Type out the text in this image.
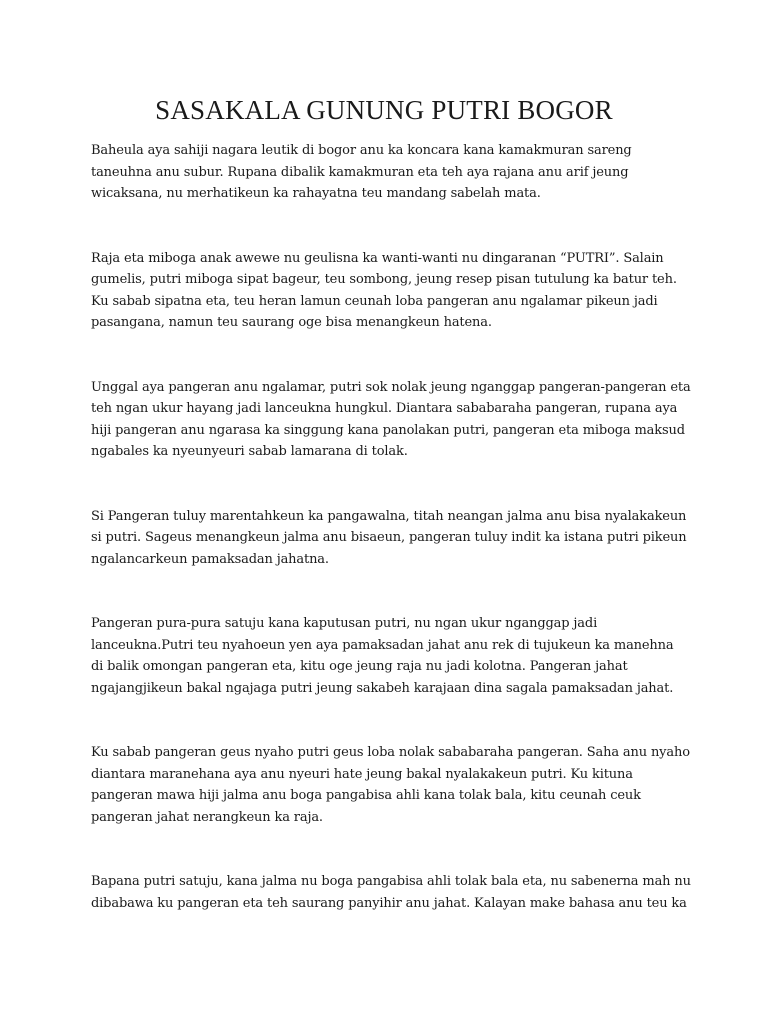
SASAKALA GUNUNG PUTRI BOGOR

Baheula aya sahiji nagara leutik di bogor anu ka koncara kana kamakmuran sareng
taneuhna anu subur. Rupana dibalik kamakmuran eta teh aya rajana anu arif jeung
wicaksana, nu merhatikeun ka rahayatna teu mandang sabelah mata.

Raja eta miboga anak awewe nu geulisna ka wanti-wanti nu dingaranan “PUTRI”. Salain
gumelis, putri miboga sipat bageur, teu sombong, jeung resep pisan tutulung ka batur teh.
Ku sabab sipatna eta, teu heran lamun ceunah loba pangeran anu ngalamar pikeun jadi
pasangana, namun teu saurang oge bisa menangkeun hatena.

Unggal aya pangeran anu ngalamar, putri sok nolak jeung nganggap pangeran-pangeran eta
teh ngan ukur hayang jadi lanceukna hungkul. Diantara sababaraha pangeran, rupana aya
hiji pangeran anu ngarasa ka singgung kana panolakan putri, pangeran eta miboga maksud
ngabales ka nyeunyeuri sabab lamarana di tolak.

Si Pangeran tuluy marentahkeun ka pangawalna, titah neangan jalma anu bisa nyalakakeun
si putri. Sageus menangkeun jalma anu bisaeun, pangeran tuluy indit ka istana putri pikeun
ngalancarkeun pamaksadan jahatna.

Pangeran pura-pura satuju kana kaputusan putri, nu ngan ukur nganggap jadi
lanceukna.Putri teu nyahoeun yen aya pamaksadan jahat anu rek di tujukeun ka manehna
di balik omongan pangeran eta, kitu oge jeung raja nu jadi kolotna. Pangeran jahat
ngajangjikeun bakal ngajaga putri jeung sakabeh karajaan dina sagala pamaksadan jahat.

Ku sabab pangeran geus nyaho putri geus loba nolak sababaraha pangeran. Saha anu nyaho
diantara maranehana aya anu nyeuri hate jeung bakal nyalakakeun putri. Ku kituna
pangeran mawa hiji jalma anu boga pangabisa ahli kana tolak bala, kitu ceunah ceuk
pangeran jahat nerangkeun ka raja.

Bapana putri satuju, kana jalma nu boga pangabisa ahli tolak bala eta, nu sabenerna mah nu
dibabawa ku pangeran eta teh saurang panyihir anu jahat. Kalayan make bahasa anu teu ka
